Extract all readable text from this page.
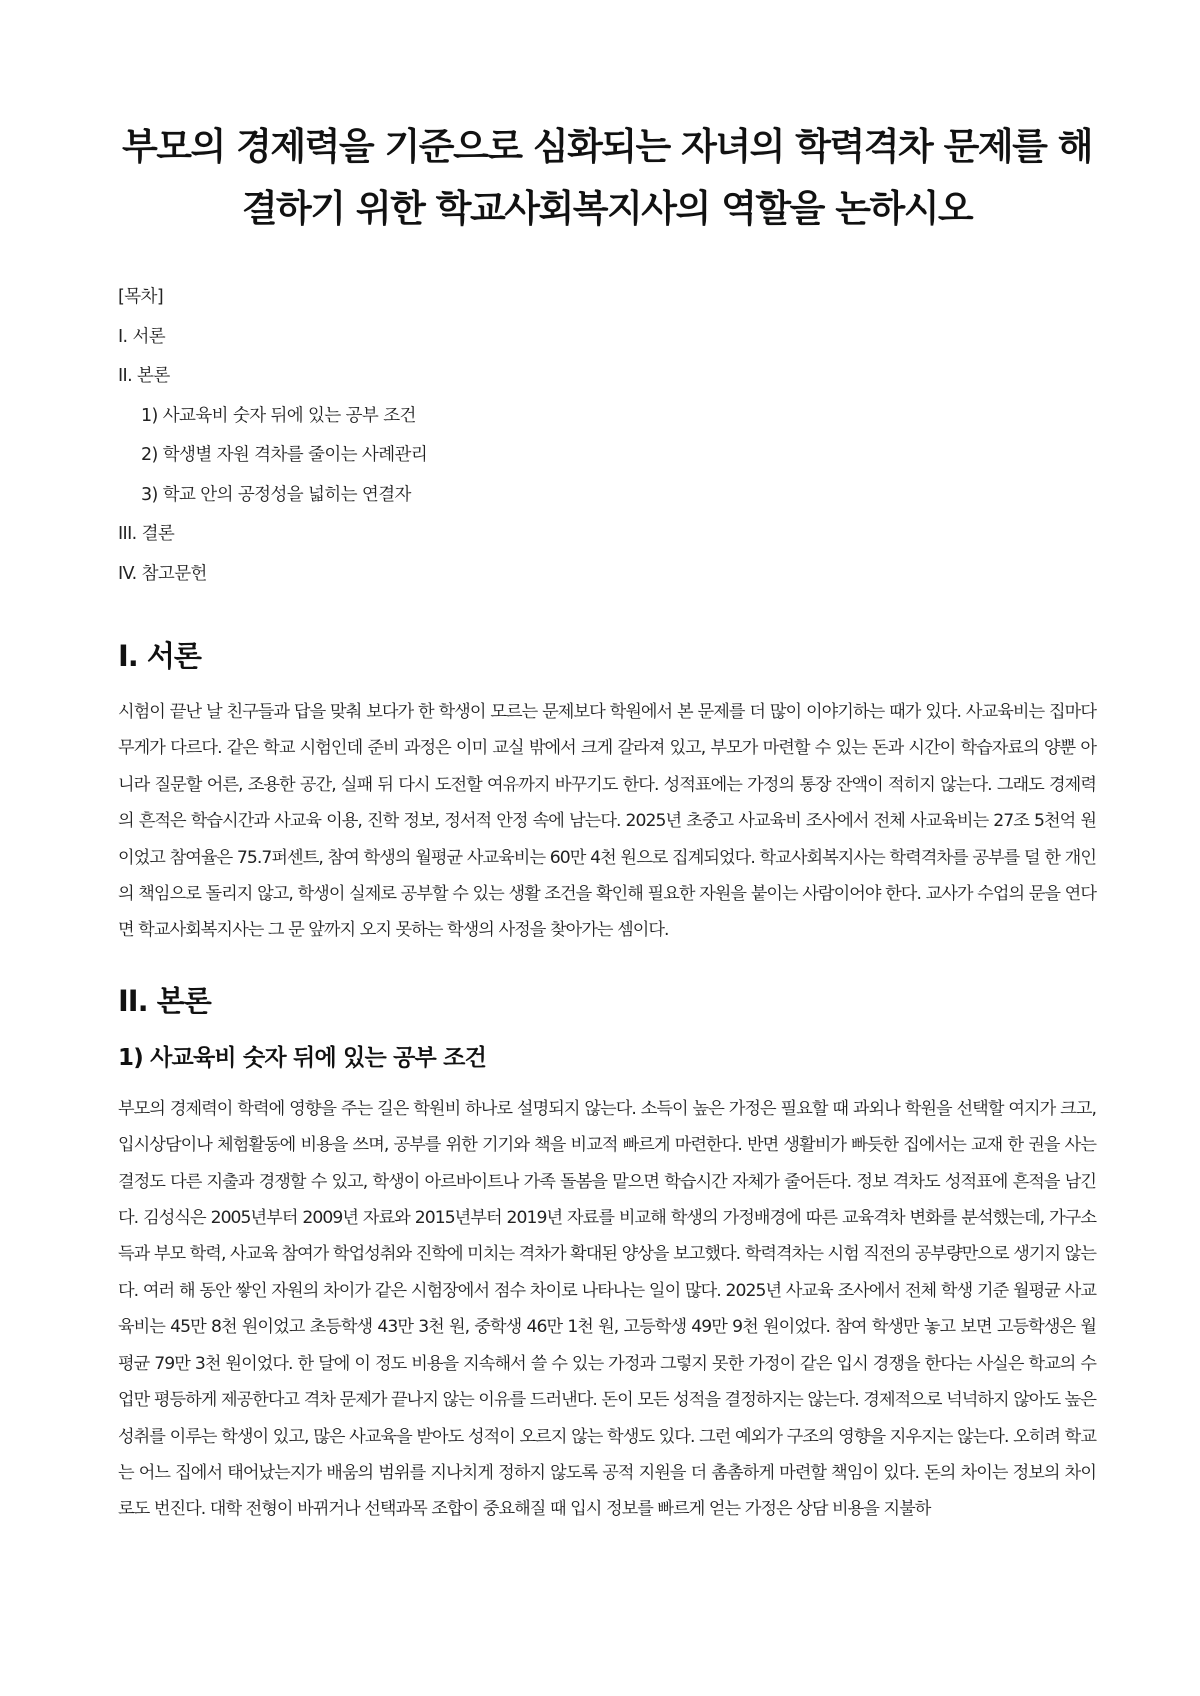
부모의 경제력을 기준으로 심화되는 자녀의 학력격차 문제를 해결하기 위한 학교사회복지사의 역할을 논하시오
[목차]
I. 서론
II. 본론
1) 사교육비 숫자 뒤에 있는 공부 조건
2) 학생별 자원 격차를 줄이는 사례관리
3) 학교 안의 공정성을 넓히는 연결자
III. 결론
IV. 참고문헌
I. 서론

시험이 끝난 날 친구들과 답을 맞춰 보다가 한 학생이 모르는 문제보다 학원에서 본 문제를 더 많이 이야기하는 때가 있다. 사교육비는 집마다 무게가 다르다. 같은 학교 시험인데 준비 과정은 이미 교실 밖에서 크게 갈라져 있고, 부모가 마련할 수 있는 돈과 시간이 학습자료의 양뿐 아니라 질문할 어른, 조용한 공간, 실패 뒤 다시 도전할 여유까지 바꾸기도 한다. 성적표에는 가정의 통장 잔액이 적히지 않는다. 그래도 경제력의 흔적은 학습시간과 사교육 이용, 진학 정보, 정서적 안정 속에 남는다. 2025년 초중고 사교육비 조사에서 전체 사교육비는 27조 5천억 원이었고 참여율은 75.7퍼센트, 참여 학생의 월평균 사교육비는 60만 4천 원으로 집계되었다. 학교사회복지사는 학력격차를 공부를 덜 한 개인의 책임으로 돌리지 않고, 학생이 실제로 공부할 수 있는 생활 조건을 확인해 필요한 자원을 붙이는 사람이어야 한다. 교사가 수업의 문을 연다면 학교사회복지사는 그 문 앞까지 오지 못하는 학생의 사정을 찾아가는 셈이다.

II. 본론
1) 사교육비 숫자 뒤에 있는 공부 조건

부모의 경제력이 학력에 영향을 주는 길은 학원비 하나로 설명되지 않는다. 소득이 높은 가정은 필요할 때 과외나 학원을 선택할 여지가 크고, 입시상담이나 체험활동에 비용을 쓰며, 공부를 위한 기기와 책을 비교적 빠르게 마련한다. 반면 생활비가 빠듯한 집에서는 교재 한 권을 사는 결정도 다른 지출과 경쟁할 수 있고, 학생이 아르바이트나 가족 돌봄을 맡으면 학습시간 자체가 줄어든다. 정보 격차도 성적표에 흔적을 남긴다. 김성식은 2005년부터 2009년 자료와 2015년부터 2019년 자료를 비교해 학생의 가정배경에 따른 교육격차 변화를 분석했는데, 가구소득과 부모 학력, 사교육 참여가 학업성취와 진학에 미치는 격차가 확대된 양상을 보고했다. 학력격차는 시험 직전의 공부량만으로 생기지 않는다. 여러 해 동안 쌓인 자원의 차이가 같은 시험장에서 점수 차이로 나타나는 일이 많다. 2025년 사교육 조사에서 전체 학생 기준 월평균 사교육비는 45만 8천 원이었고 초등학생 43만 3천 원, 중학생 46만 1천 원, 고등학생 49만 9천 원이었다. 참여 학생만 놓고 보면 고등학생은 월평균 79만 3천 원이었다. 한 달에 이 정도 비용을 지속해서 쓸 수 있는 가정과 그렇지 못한 가정이 같은 입시 경쟁을 한다는 사실은 학교의 수업만 평등하게 제공한다고 격차 문제가 끝나지 않는 이유를 드러낸다. 돈이 모든 성적을 결정하지는 않는다. 경제적으로 넉넉하지 않아도 높은 성취를 이루는 학생이 있고, 많은 사교육을 받아도 성적이 오르지 않는 학생도 있다. 그런 예외가 구조의 영향을 지우지는 않는다. 오히려 학교는 어느 집에서 태어났는지가 배움의 범위를 지나치게 정하지 않도록 공적 지원을 더 촘촘하게 마련할 책임이 있다. 돈의 차이는 정보의 차이로도 번진다. 대학 전형이 바뀌거나 선택과목 조합이 중요해질 때 입시 정보를 빠르게 얻는 가정은 상담 비용을 지불하
